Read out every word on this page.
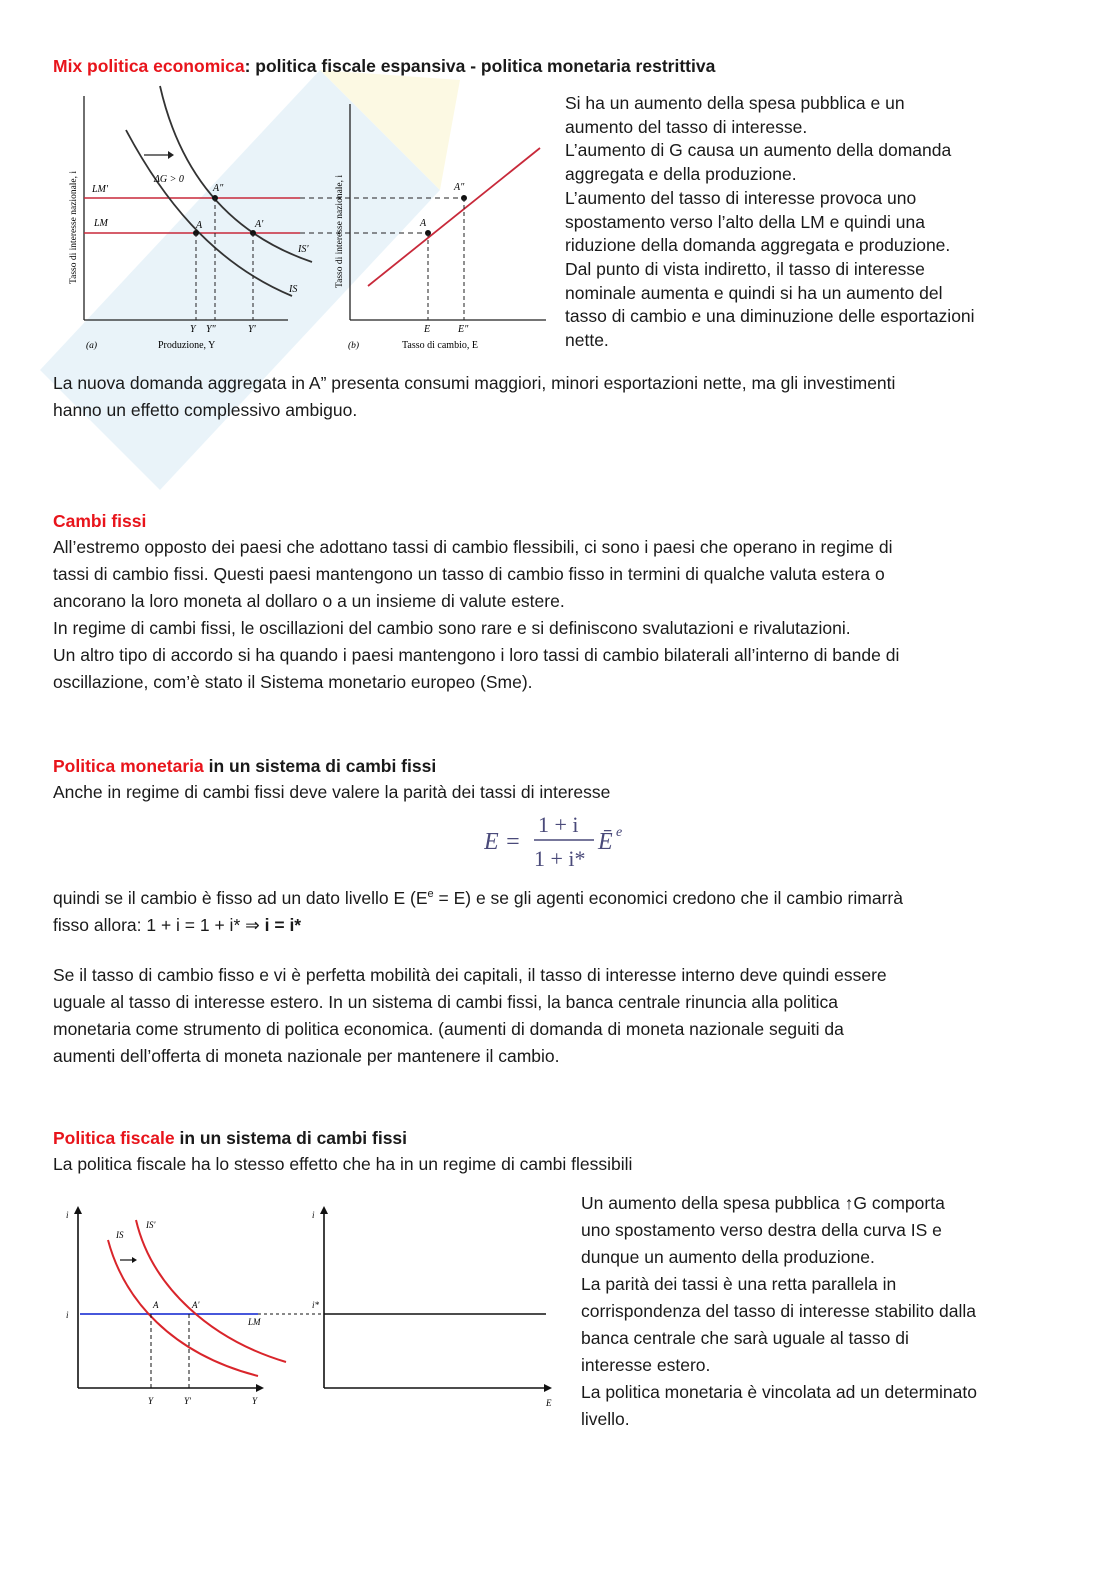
Mix politica economica: politica fiscale espansiva - politica monetaria restrittiva
Tasso di interesse nazionale, i LM'
LM
IS
IS'
ΔG > 0
A
A"
A'
Y Y"	Y'
(a)	Produzione, Y
Tasso di interesse nazionale, i	A
A"
E	E"
(b)	Tasso di cambio, E
Si ha un aumento della spesa pubblica e un
aumento del tasso di interesse.
L’aumento di G causa un aumento della domanda
aggregata e della produzione.
L’aumento del tasso di interesse provoca uno
spostamento verso l’alto della LM e quindi una
riduzione della domanda aggregata e produzione.
Dal punto di vista indiretto, il tasso di interesse
nominale aumenta e quindi si ha un aumento del
tasso di cambio e una diminuzione delle esportazioni
nette.
La nuova domanda aggregata in A” presenta consumi maggiori, minori esportazioni nette, ma gli investimenti
hanno un effetto complessivo ambiguo.
Cambi fissi
All’estremo opposto dei paesi che adottano tassi di cambio flessibili, ci sono i paesi che operano in regime di
tassi di cambio fissi. Questi paesi mantengono un tasso di cambio fisso in termini di qualche valuta estera o
ancorano la loro moneta al dollaro o a un insieme di valute estere.
In regime di cambi fissi, le oscillazioni del cambio sono rare e si definiscono svalutazioni e rivalutazioni.
Un altro tipo di accordo si ha quando i paesi mantengono i loro tassi di cambio bilaterali all’interno di bande di
oscillazione, com’è stato il Sistema monetario europeo (Sme).
Politica monetaria in un sistema di cambi fissi
Anche in regime di cambi fissi deve valere la parità dei tassi di interesse
E =
1 + i
1 + i*
Ē e
quindi se il cambio è fisso ad un dato livello E $(E^e = E)$ e se gli agenti economici credono che il cambio rimarrà
fisso allora: 1 + i = 1 + i* ⇒ i = i*
Se il tasso di cambio fisso e vi è perfetta mobilità dei capitali, il tasso di interesse interno deve quindi essere
uguale al tasso di interesse estero. In un sistema di cambi fissi, la banca centrale rinuncia alla politica
monetaria come strumento di politica economica. (aumenti di domanda di moneta nazionale seguiti da
aumenti dell’offerta di moneta nazionale per mantenere il cambio.
Politica fiscale in un sistema di cambi fissi
La politica fiscale ha lo stesso effetto che ha in un regime di cambi flessibili
i
i
LM
IS
IS'
A	A'
Y	Y'	Y
i
i*
E
Un aumento della spesa pubblica ↑G comporta
uno spostamento verso destra della curva IS e
dunque un aumento della produzione.
La parità dei tassi è una retta parallela in
corrispondenza del tasso di interesse stabilito dalla
banca centrale che sarà uguale al tasso di
interesse estero.
La politica monetaria è vincolata ad un determinato
livello.
